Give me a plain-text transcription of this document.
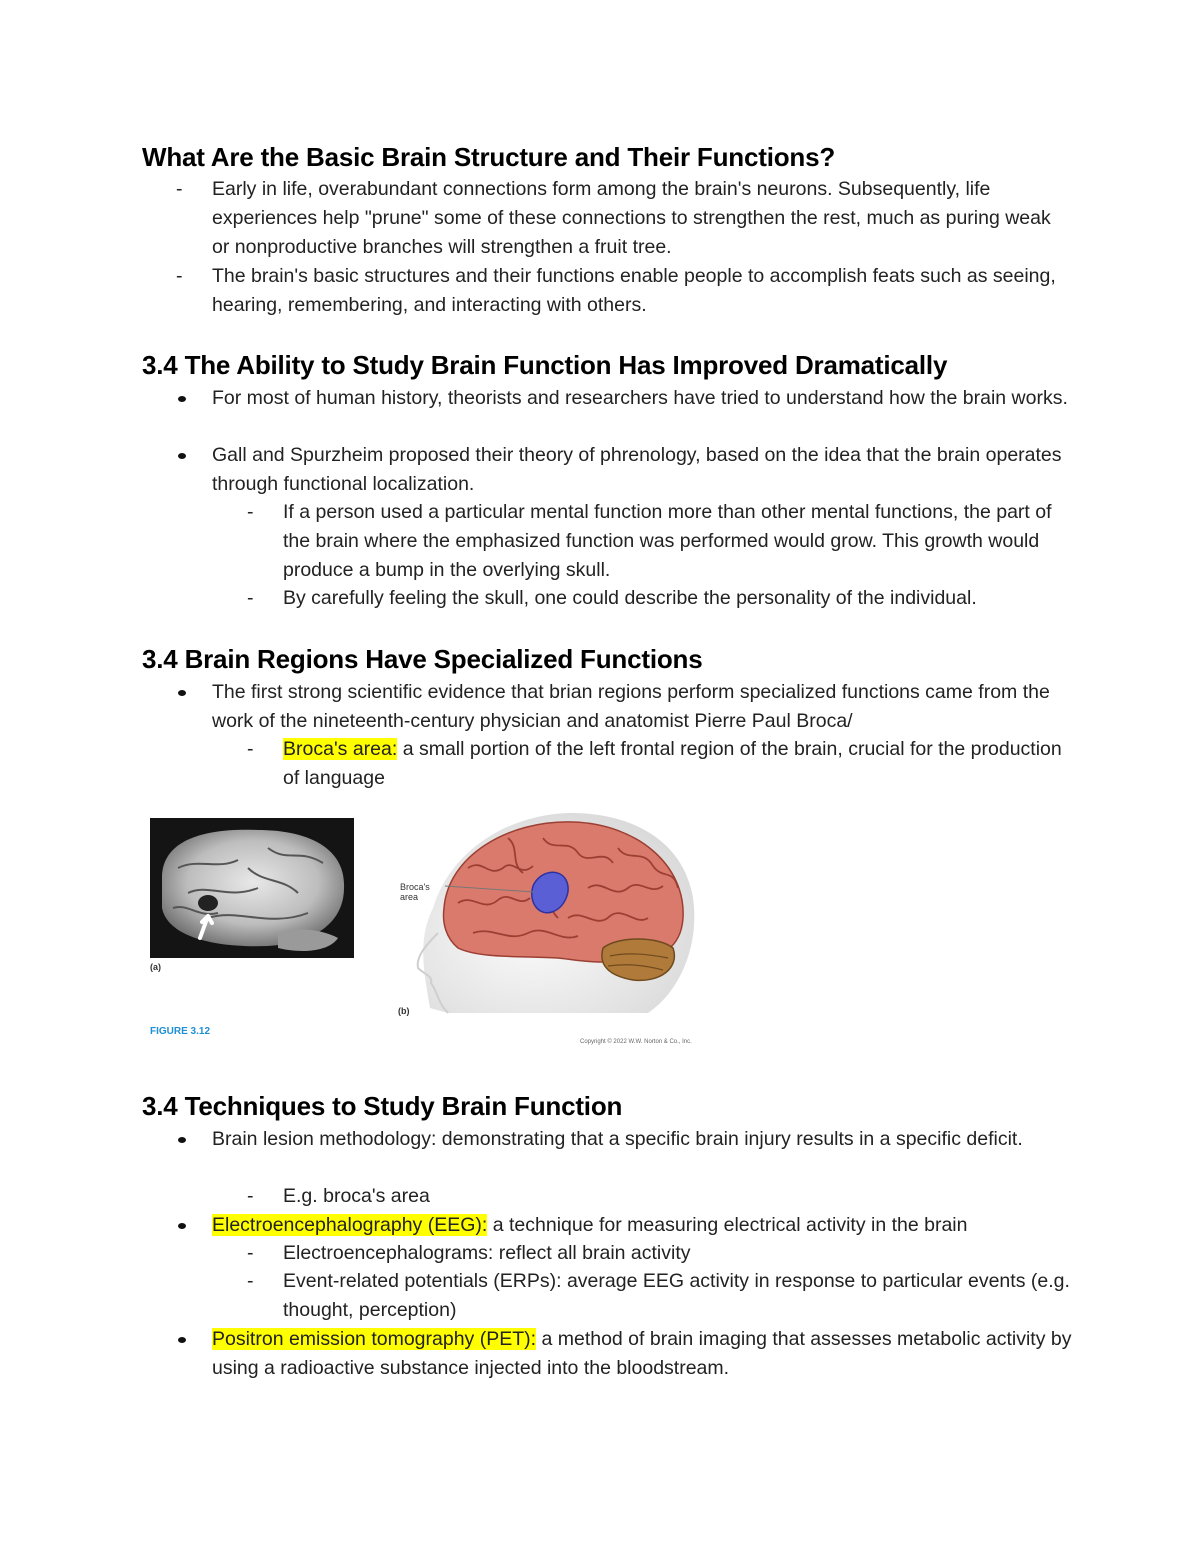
What Are the Basic Brain Structure and Their Functions?
- Early in life, overabundant connections form among the brain's neurons. Subsequently, life experiences help "prune" some of these connections to strengthen the rest, much as puring weak or nonproductive branches will strengthen a fruit tree.
- The brain's basic structures and their functions enable people to accomplish feats such as seeing, hearing, remembering, and interacting with others.
3.4 The Ability to Study Brain Function Has Improved Dramatically
For most of human history, theorists and researchers have tried to understand how the brain works.
Gall and Spurzheim proposed their theory of phrenology, based on the idea that the brain operates through functional localization.
- If a person used a particular mental function more than other mental functions, the part of the brain where the emphasized function was performed would grow. This growth would produce a bump in the overlying skull.
- By carefully feeling the skull, one could describe the personality of the individual.
3.4 Brain Regions Have Specialized Functions
The first strong scientific evidence that brian regions perform specialized functions came from the work of the nineteenth-century physician and anatomist Pierre Paul Broca/
- Broca's area: a small portion of the left frontal region of the brain, crucial for the production of language
(a)
Broca's
area
(b)
FIGURE 3.12
Copyright © 2022 W.W. Norton & Co., Inc.
3.4 Techniques to Study Brain Function
Brain lesion methodology: demonstrating that a specific brain injury results in a specific deficit.
- E.g. broca's area
Electroencephalography (EEG): a technique for measuring electrical activity in the brain
- Electroencephalograms: reflect all brain activity
- Event-related potentials (ERPs): average EEG activity in response to particular events (e.g. thought, perception)
Positron emission tomography (PET): a method of brain imaging that assesses metabolic activity by using a radioactive substance injected into the bloodstream.
